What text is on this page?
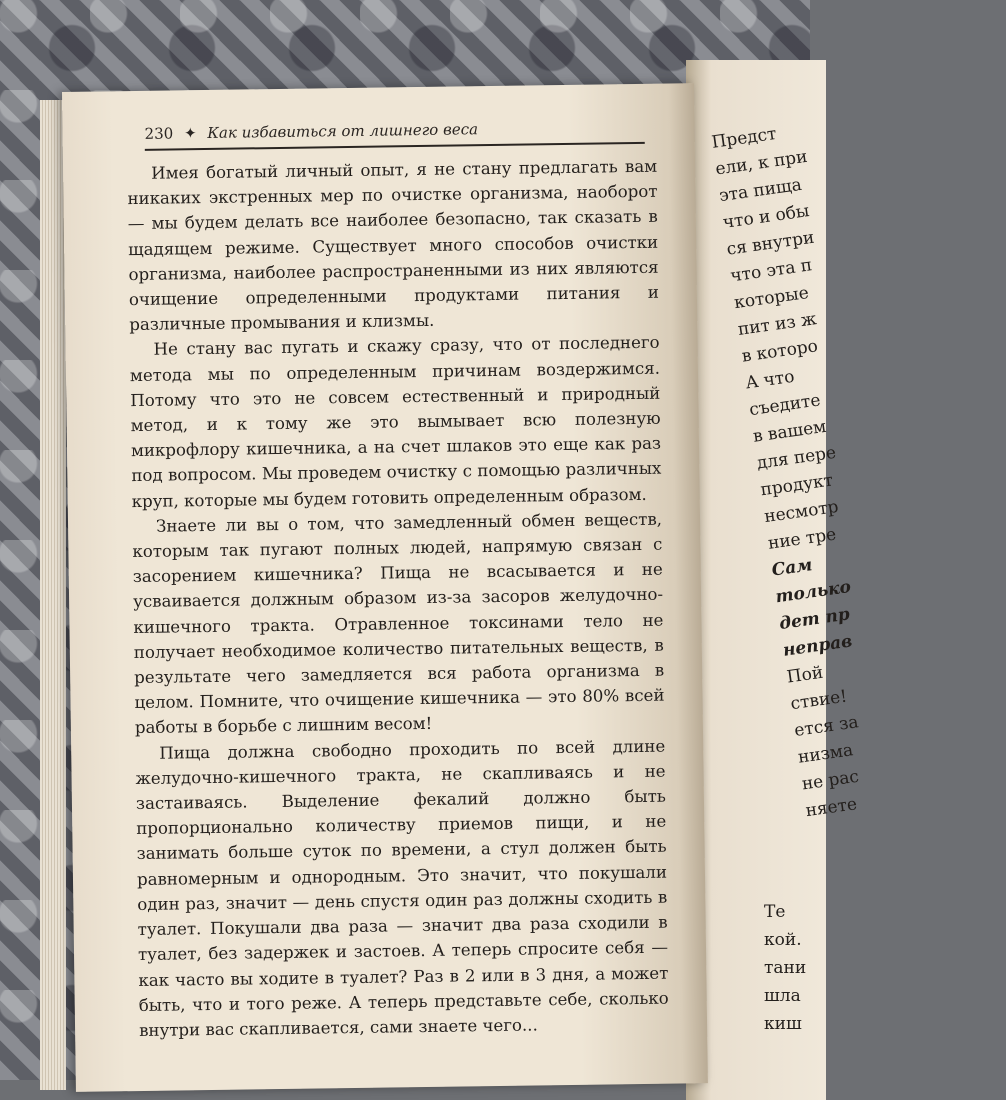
Предст
ели, к при
эта пища
что и обы
ся внутри
что эта п
которые
пит из ж
в которо
А что
съедите
в вашем
для пере
продукт
несмотр
ние тре
Сам
только
дет пр
неправ
Пой
ствие!
ется за
низма
не рас
няете
Те
кой.
тани
шла
киш
230 ✦ Как избавиться от лишнего веса

Имея богатый личный опыт, я не стану предлагать вам никаких экстренных мер по очистке организма, наоборот — мы будем делать все наиболее безопасно, так сказать в щадящем режиме. Существует много способов очистки организма, наиболее распространенными из них являются очищение определенными продуктами питания и различные промывания и клизмы.

Не стану вас пугать и скажу сразу, что от последнего метода мы по определенным причинам воздержимся. Потому что это не совсем естественный и природный метод, и к тому же это вымывает всю полезную микрофлору кишечника, а на счет шлаков это еще как раз под вопросом. Мы проведем очистку с помощью различных круп, которые мы будем готовить определенным образом.

Знаете ли вы о том, что замедленный обмен веществ, которым так пугают полных людей, напрямую связан с засорением кишечника? Пища не всасывается и не усваивается должным образом из-за засоров желудочно-кишечного тракта. Отравленное токсинами тело не получает необходимое количество питательных веществ, в результате чего замедляется вся работа организма в целом. Помните, что очищение кишечника — это 80% всей работы в борьбе с лишним весом!

Пища должна свободно проходить по всей длине желудочно-кишечного тракта, не скапливаясь и не застаиваясь. Выделение фекалий должно быть пропорционально количеству приемов пищи, и не занимать больше суток по времени, а стул должен быть равномерным и однородным. Это значит, что покушали один раз, значит — день спустя один раз должны сходить в туалет. Покушали два раза — значит два раза сходили в туалет, без задержек и застоев. А теперь спросите себя — как часто вы ходите в туалет? Раз в 2 или в 3 дня, а может быть, что и того реже. А теперь представьте себе, сколько внутри вас скапливается, сами знаете чего...
